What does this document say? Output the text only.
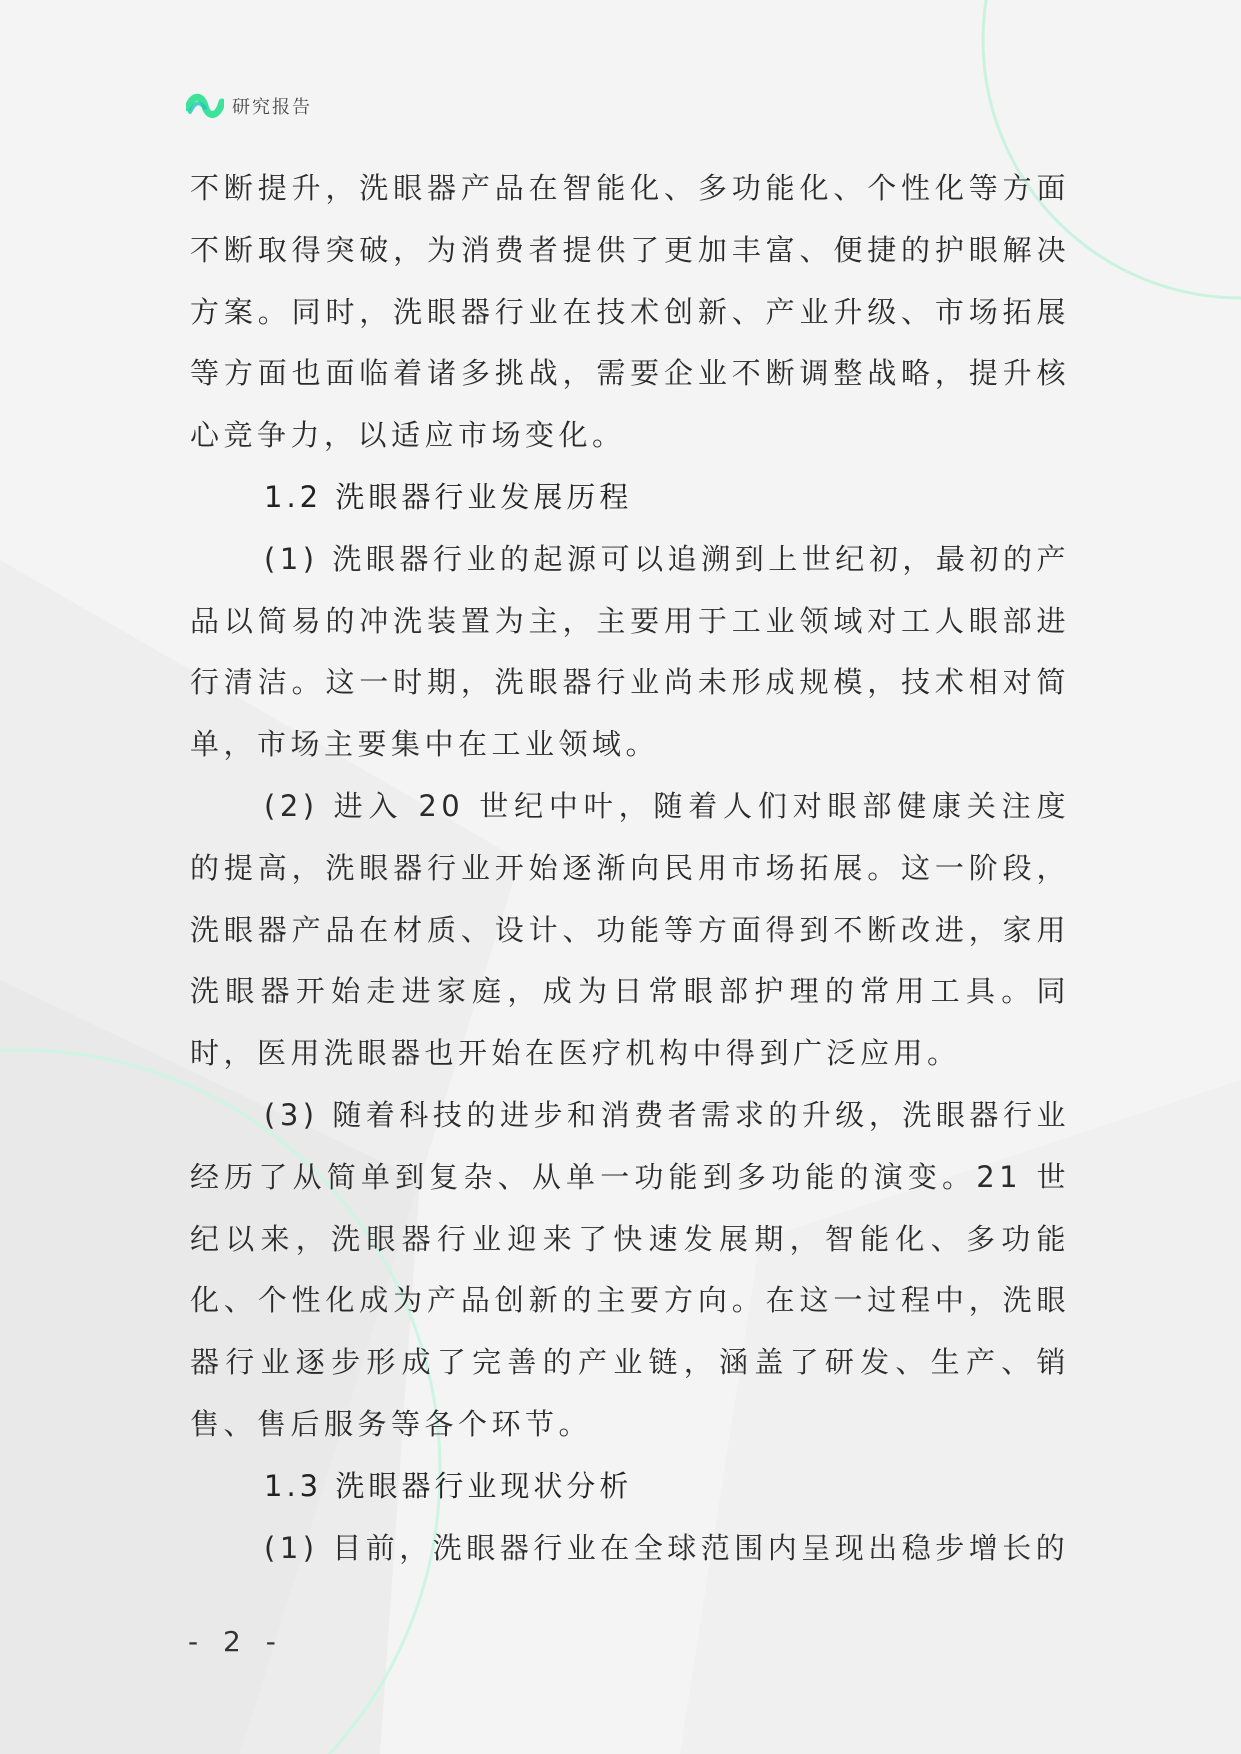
研究报告

不断提升，洗眼器产品在智能化、多功能化、个性化等方面不断取得突破，为消费者提供了更加丰富、便捷的护眼解决方案。同时，洗眼器行业在技术创新、产业升级、市场拓展等方面也面临着诸多挑战，需要企业不断调整战略，提升核心竞争力，以适应市场变化。

1.2 洗眼器行业发展历程

(1) 洗眼器行业的起源可以追溯到上世纪初，最初的产品以简易的冲洗装置为主，主要用于工业领域对工人眼部进行清洁。这一时期，洗眼器行业尚未形成规模，技术相对简单，市场主要集中在工业领域。

(2) 进入 20 世纪中叶，随着人们对眼部健康关注度的提高，洗眼器行业开始逐渐向民用市场拓展。这一阶段，洗眼器产品在材质、设计、功能等方面得到不断改进，家用洗眼器开始走进家庭，成为日常眼部护理的常用工具。同时，医用洗眼器也开始在医疗机构中得到广泛应用。

(3) 随着科技的进步和消费者需求的升级，洗眼器行业经历了从简单到复杂、从单一功能到多功能的演变。21 世纪以来，洗眼器行业迎来了快速发展期，智能化、多功能化、个性化成为产品创新的主要方向。在这一过程中，洗眼器行业逐步形成了完善的产业链，涵盖了研发、生产、销售、售后服务等各个环节。

1.3 洗眼器行业现状分析

(1) 目前，洗眼器行业在全球范围内呈现出稳步增长的

- 2 -
